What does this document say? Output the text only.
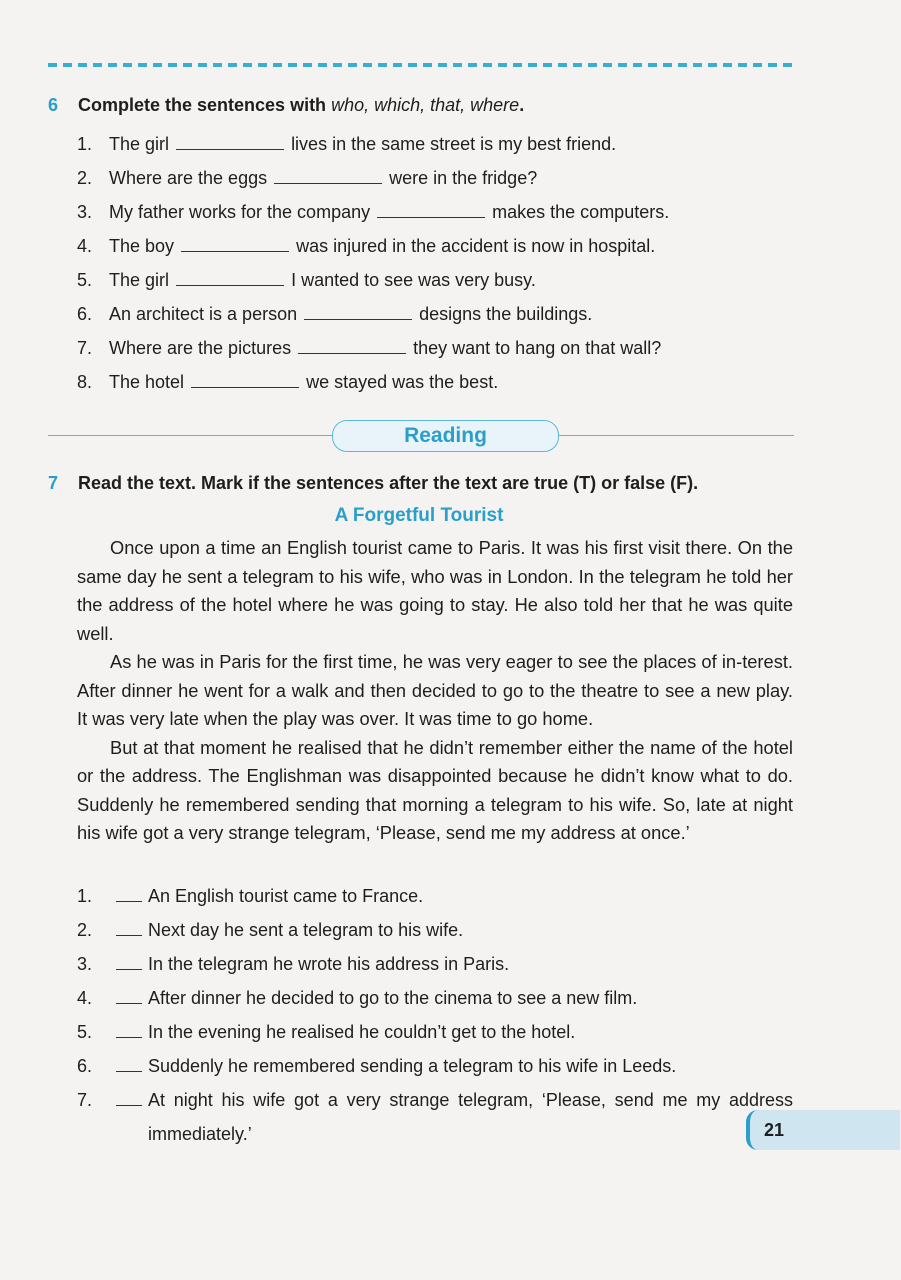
6 Complete the sentences with who, which, that, where.
1. The girl	lives in the same street is my best friend.
2. Where are the eggs	were in the fridge?
3. My father works for the company	makes the computers.
4. The boy	was injured in the accident is now in hospital.
5. The girl	I wanted to see was very busy.
6. An architect is a person	designs the buildings.
7. Where are the pictures	they want to hang on that wall?
8. The hotel	we stayed was the best.
Reading
7 Read the text. Mark if the sentences after the text are true (T) or false (F).
A Forgetful Tourist

Once upon a time an English tourist came to Paris. It was his first visit there. On the same day he sent a telegram to his wife, who was in London. In the telegram he told her the address of the hotel where he was going to stay. He also told her that he was quite well.

As he was in Paris for the first time, he was very eager to see the places of in-terest. After dinner he went for a walk and then decided to go to the theatre to see a new play. It was very late when the play was over. It was time to go home.

But at that moment he realised that he didn’t remember either the name of the hotel or the address. The Englishman was disappointed because he didn’t know what to do. Suddenly he remembered sending that morning a telegram to his wife. So, late at night his wife got a very strange telegram, ‘Please, send me my address at once.’

1.	An English tourist came to France.
2.	Next day he sent a telegram to his wife.
3.	In the telegram he wrote his address in Paris.
4.	After dinner he decided to go to the cinema to see a new film.
5.	In the evening he realised he couldn’t get to the hotel.
6.	Suddenly he remembered sending a telegram to his wife in Leeds.
7.	At night his wife got a very strange telegram, ‘Please, send me my address immediately.’	21
